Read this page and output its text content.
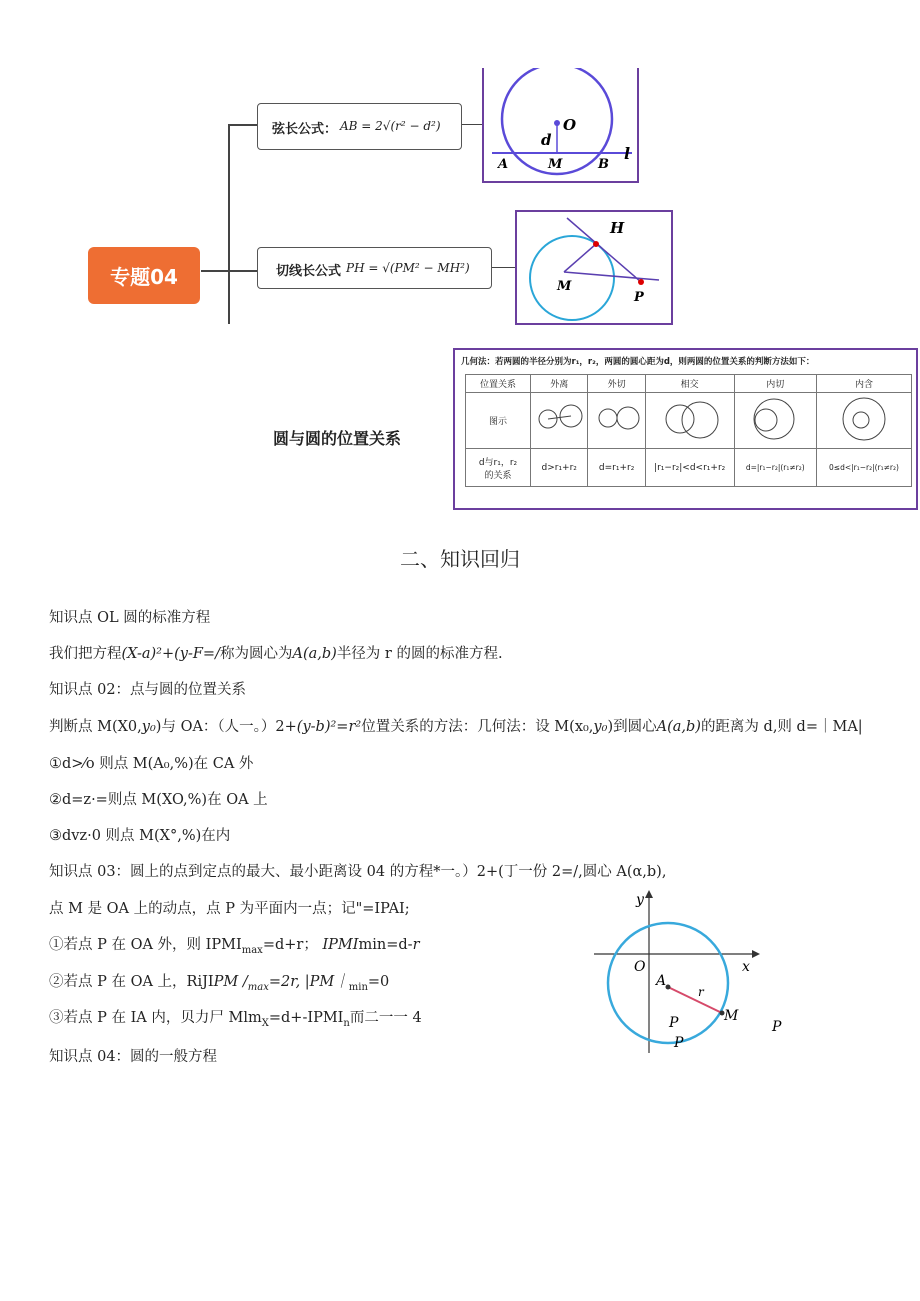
专题04
弦长公式： AB = 2√(r² − d²)
切线长公式 PH = √(PM² − MH²)
O
d
A	M	B
l
H
M
P
圆与圆的位置关系
几何法：若两圆的半径分别为r₁，r₂，两圆的圆心距为d，则两圆的位置关系的判断方法如下：
位置关系	外离	外切	相交	内切	内含
图示					

d与r₁，r₂
的关系	d>r₁+r₂	d=r₁+r₂	|r₁−r₂|<d<r₁+r₂	d=|r₁−r₂|(r₁≠r₂)	0≤d<|r₁−r₂|(r₁≠r₂)
二、知识回归
知识点 OL 圆的标准方程
我们把方程(X-a)²+(y-F=/称为圆心为A(a,b)半径为 r 的圆的标准方程.
知识点 02：点与圆的位置关系
判断点 M(X0,y₀)与 OA：（人一。）2+(y-b)²=r²位置关系的方法：几何法：设 M(x₀,y₀)到圆心A(a,b)的距离为 d,则 d=｜MA|
①d>⁄o 则点 M(A₀,%)在 CA 外
②d=z·=则点 M(XO,%)在 OA 上
③dvz·0 则点 M(X°,%)在内
知识点 03：圆上的点到定点的最大、最小距离设 04 的方程*一。）2+(丁一份 2=/,圆心 A(α,b),
点 M 是 OA 上的动点，点 P 为平面内一点；记"=IPAI;
①若点 P 在 OA 外，则 $IPMI_{max}=d+r$； IPMImin=d-r
②若点 P 在 OA 上，RiJIPM $/_{max}=2r$, $|PM|_{min}=0$
③若点 P 在 IA 内，贝力尸 $Mlm_X=d+-IPMI_n$而二一一 4
知识点 04：圆的一般方程
y
x
O
A
r
M
P
P
P
